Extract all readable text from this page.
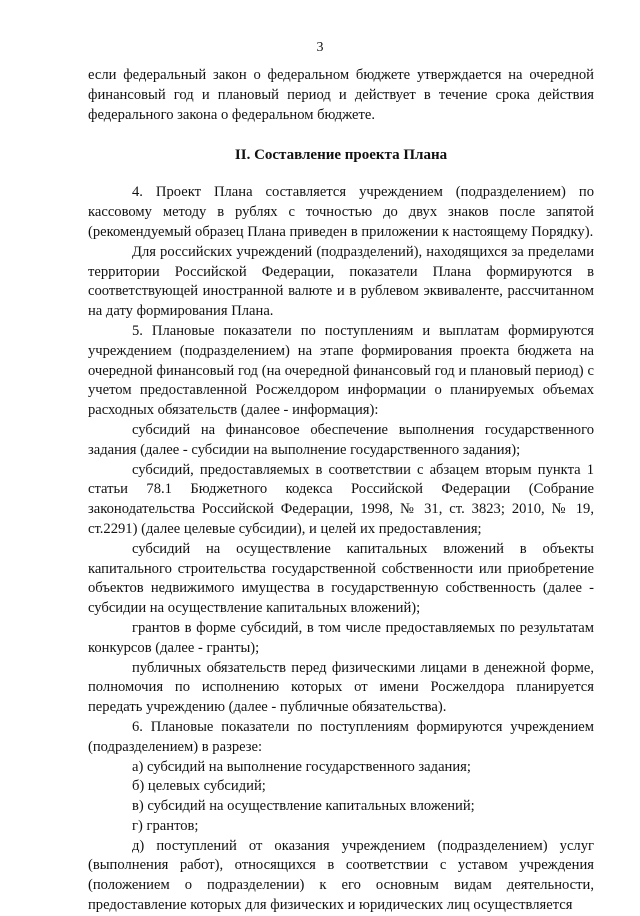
3

если федеральный закон о федеральном бюджете утверждается на очередной финансовый год и плановый период и действует в течение срока действия федерального закона о федеральном бюджете.

II. Составление проекта Плана

4. Проект Плана составляется учреждением (подразделением) по кассовому методу в рублях с точностью до двух знаков после запятой (рекомендуемый образец Плана приведен в приложении к настоящему Порядку).

Для российских учреждений (подразделений), находящихся за пределами территории Российской Федерации, показатели Плана формируются в соответствующей иностранной валюте и в рублевом эквиваленте, рассчитанном на дату формирования Плана.

5. Плановые показатели по поступлениям и выплатам формируются учреждением (подразделением) на этапе формирования проекта бюджета на очередной финансовый год (на очередной финансовый год и плановый период) с учетом предоставленной Росжелдором информации о планируемых объемах расходных обязательств (далее - информация):

субсидий на финансовое обеспечение выполнения государственного задания (далее - субсидии на выполнение государственного задания);

субсидий, предоставляемых в соответствии с абзацем вторым пункта 1 статьи 78.1 Бюджетного кодекса Российской Федерации (Собрание законодательства Российской Федерации, 1998, № 31, ст. 3823; 2010, № 19, ст.2291) (далее целевые субсидии), и целей их предоставления;

субсидий на осуществление капитальных вложений в объекты капитального строительства государственной собственности или приобретение объектов недвижимого имущества в государственную собственность (далее - субсидии на осуществление капитальных вложений);

грантов в форме субсидий, в том числе предоставляемых по результатам конкурсов (далее - гранты);

публичных обязательств перед физическими лицами в денежной форме, полномочия по исполнению которых от имени Росжелдора планируется передать учреждению (далее - публичные обязательства).

6. Плановые показатели по поступлениям формируются учреждением (подразделением) в разрезе:

а) субсидий на выполнение государственного задания;

б) целевых субсидий;

в) субсидий на осуществление капитальных вложений;

г) грантов;

д) поступлений от оказания учреждением (подразделением) услуг (выполнения работ), относящихся в соответствии с уставом учреждения (положением о подразделении) к его основным видам деятельности, предоставление которых для физических и юридических лиц осуществляется
